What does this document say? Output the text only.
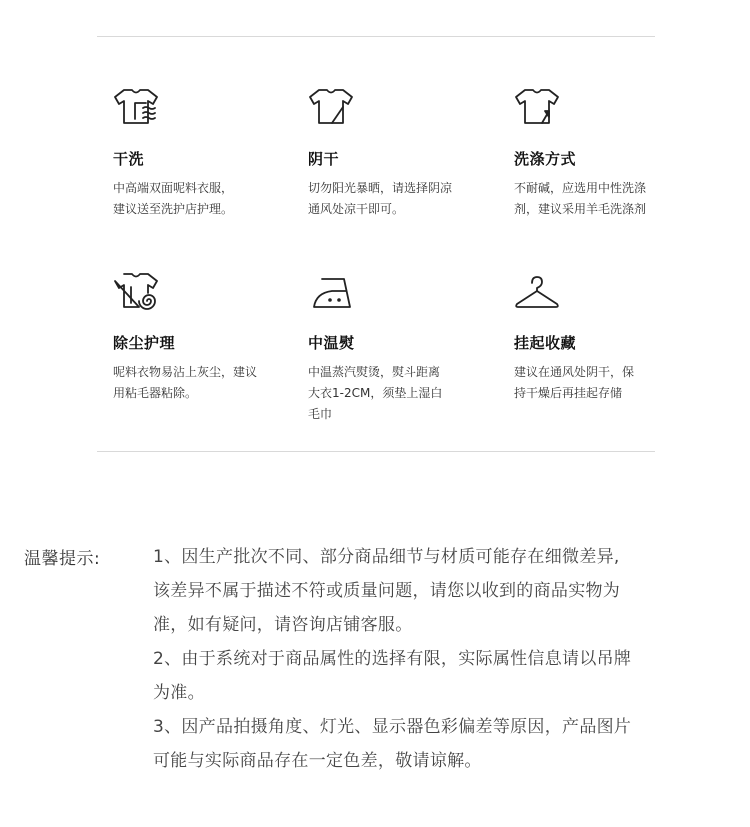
干洗
中高端双面呢料衣服，
建议送至洗护店护理。
阴干
切勿阳光暴晒，请选择阴凉
通风处凉干即可。
洗涤方式
不耐碱，应选用中性洗涤
剂，建议采用羊毛洗涤剂
除尘护理
呢料衣物易沾上灰尘，建议
用粘毛器粘除。
中温熨
中温蒸汽熨烫，熨斗距离
大衣1-2CM，须垫上湿白
毛巾
挂起收藏
建议在通风处阴干，保
持干燥后再挂起存储
温馨提示:	1、因生产批次不同、部分商品细节与材质可能存在细微差异,
该差异不属于描述不符或质量问题，请您以收到的商品实物为
准，如有疑问，请咨询店铺客服。
2、由于系统对于商品属性的选择有限，实际属性信息请以吊牌
为准。
3、因产品拍摄角度、灯光、显示器色彩偏差等原因，产品图片
可能与实际商品存在一定色差，敬请谅解。
